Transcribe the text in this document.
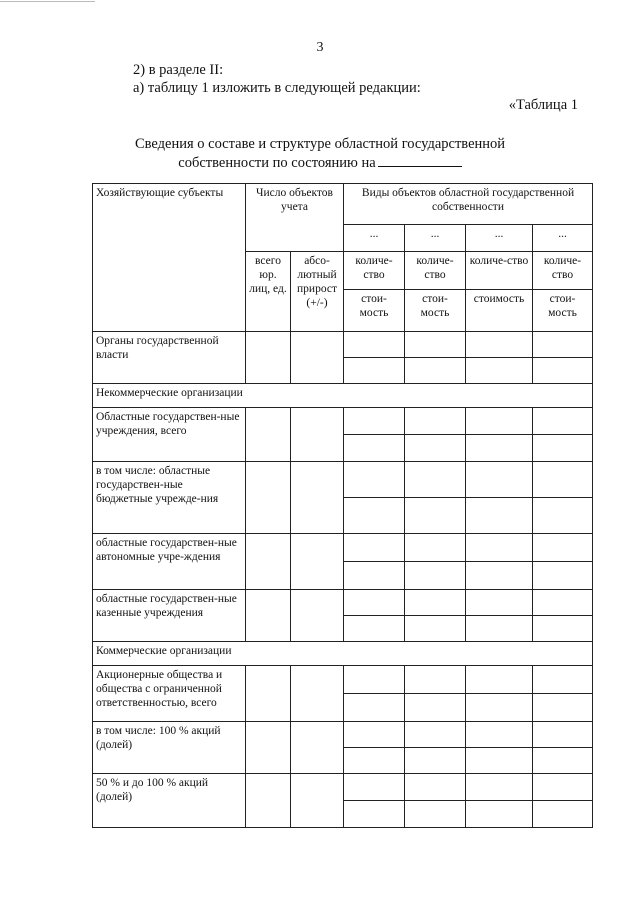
3
2) в разделе II:
а) таблицу 1 изложить в следующей редакции:
«Таблица 1
Сведения о составе и структуре областной государственной
собственности по состоянию на
Хозяйствующие субъекты	Число объектов учета		Виды объектов областной государственной собственности			
			...	...	...	...
	всего юр. лиц, ед.	абсо-лютный прирост (+/-)	количе-ство	количе-ство	количе-ство	количе-ство
			стои-мость	стои-мость	стоимость	стои-мость
Органы государственной власти						

Некоммерческие организации						
Областные государствен-ные учреждения, всего						

в том числе: областные государствен-ные бюджетные учрежде-ния						

областные государствен-ные автономные учре-ждения						

областные государствен-ные казенные учреждения						

Коммерческие организации						
Акционерные общества и общества с ограниченной ответственностью, всего						

в том числе: 100 % акций (долей)						

50 % и до 100 % акций (долей)						
